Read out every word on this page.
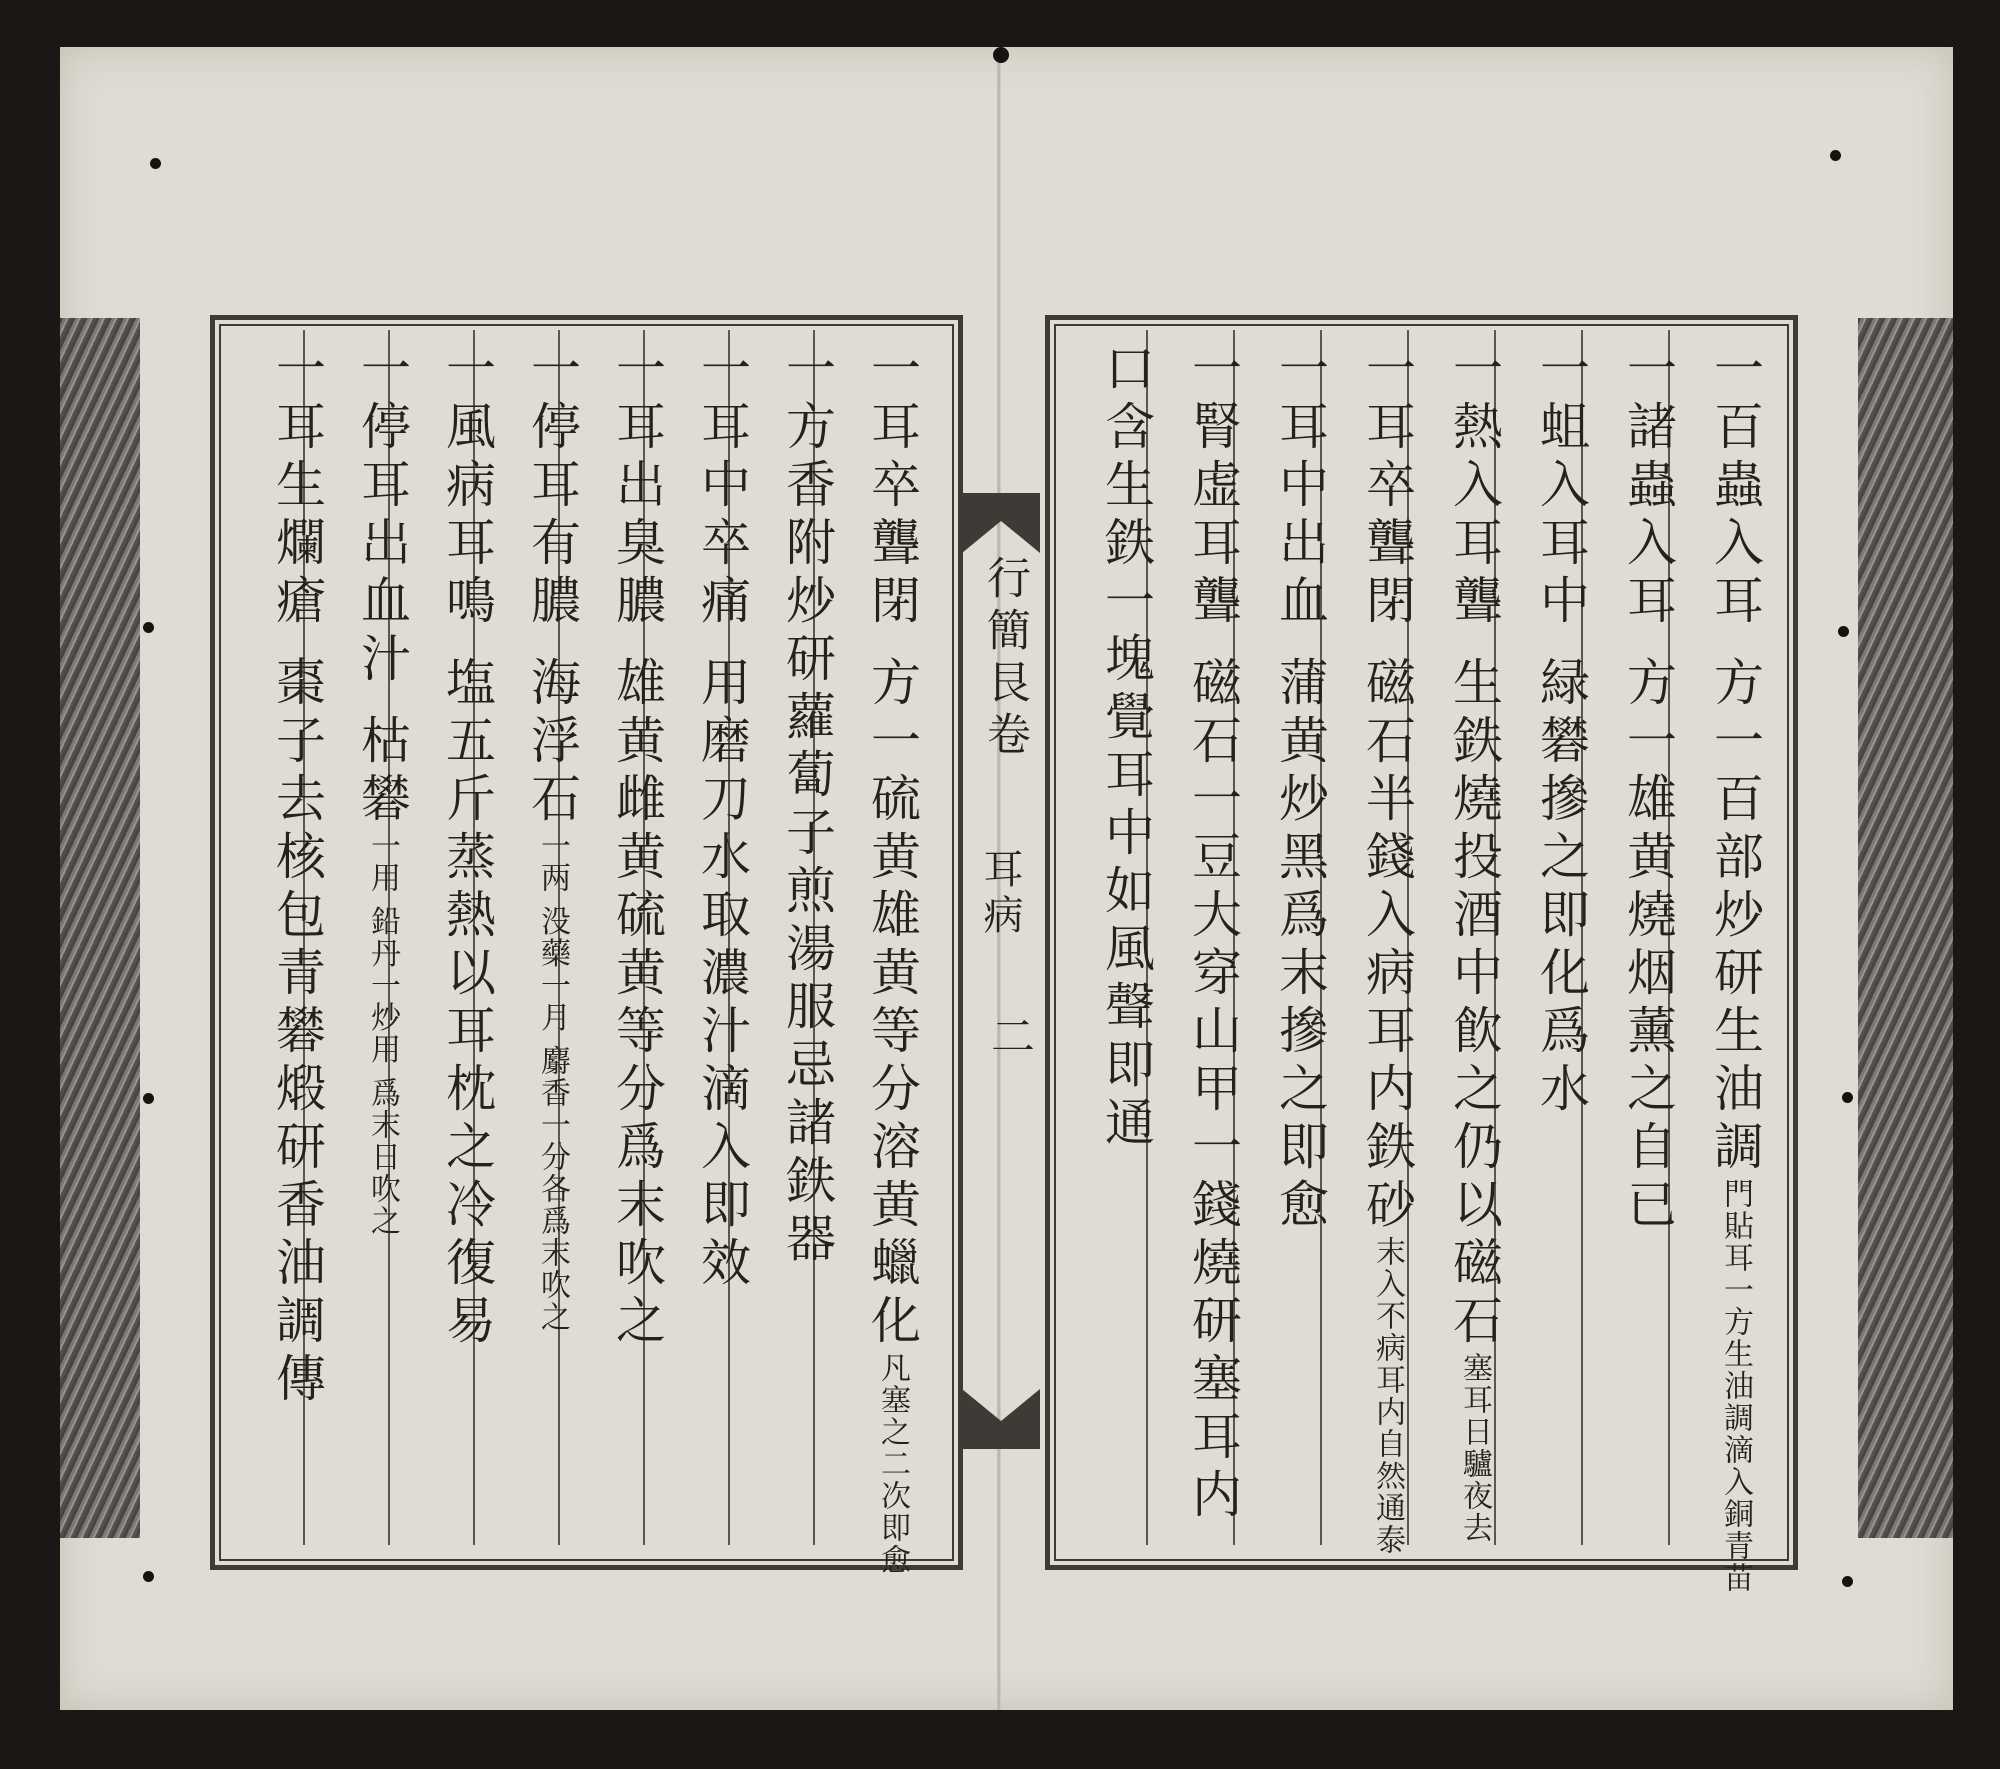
行簡艮卷
耳病
二
一百蟲入耳 方一百部炒研生油調門貼耳一方生油調滴入銅青苗
一諸蟲入耳 方一雄黄燒烟薰之自已
一蛆入耳中 緑礬摻之即化爲水
一熱入耳聾 生鉄燒投酒中飮之仍以磁石塞耳日驢夜去
一耳卒聾閉 磁石半錢入病耳内鉄砂末入不病耳内自然通泰
一耳中出血 蒲黄炒黑爲末摻之即愈
一腎虚耳聾 磁石一豆大穿山甲一錢燒研塞耳内
口含生鉄一塊覺耳中如風聲即通
一耳卒聾閉 方一硫黄雄黄等分溶黄蠟化凡塞之二次即愈
一方香附炒研蘿蔔子煎湯服忌諸鉄器
一耳中卒痛 用磨刀水取濃汁滴入即效
一耳出臭膿 雄黄雌黄硫黄等分爲末吹之
一停耳有膿 海浮石一两 没藥一月 麝香一分各爲末吹之
一風病耳鳴 塩五斤蒸熱以耳枕之冷復易
一停耳出血汁 枯礬一用 鉛丹一炒用 爲末日吹之
一耳生爛瘡 棗子去核包青礬煅研香油調傳
